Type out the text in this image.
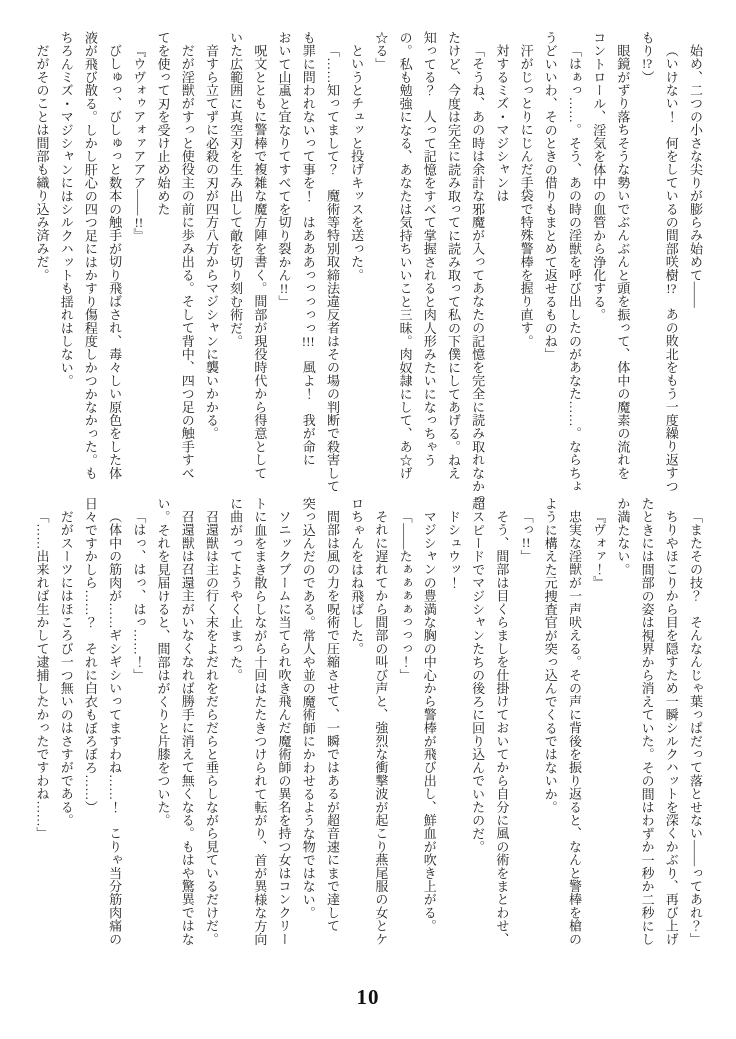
始め、二つの小さな尖りが膨らみ始めて――

（いけない！　何をしているの間部咲樹!?　あの敗北をもう一度繰り返すつ

もり!?）

眼鏡がずり落ちそうな勢いでぶんぶんと頭を振って、体中の魔素の流れを

コントロール、淫気を体中の血管から浄化する。

「はぁっ……。そう、あの時の淫獣を呼び出したのがあなた……。ならちょ

うどいいわ、そのときの借りもまとめて返せるものね」

汗がじっとりにじんだ手袋で特殊警棒を握り直す。

対するミズ・マジシャンは

「そうね、あの時は余計な邪魔が入ってあなたの記憶を完全に読み取れなかっ

たけど、今度は完全に読み取ってに読み取って私の下僕にしてあげる。ねえ

知ってる？　人って記憶をすべて掌握されると肉人形みたいになっちゃう

の。私も勉強になる、あなたは気持ちいいこと三昧。肉奴隷にして、あ☆げ

☆る」

というとチュッと投げキッスを送った。

「……知ってまして？　魔術等特別取締法違反者はその場の判断で殺害して

も罪に問われないって事を！　はあああっっっっっ!!!　風よ！　我が命に

おいて山颪と宜なりてすべてを切り裂かん!!」

呪文とともに警棒で複雑な魔方陣を書く。間部が現役時代から得意として

いた広範囲に真空刃を生み出して敵を切り刻む術だ。

音すら立てずに必殺の刃が四方八方からマジシャンに襲いかかる。

だが淫獣がすっと使役主の前に歩み出る。そして背中、四つ足の触手すべ

てを使って刃を受け止め始めた

『ウヴォゥアォァアアア――!!』

びしゅっ、びしゅっと数本の触手が切り飛ばされ、毒々しい原色をした体

液が飛び散る。しかし肝心の四つ足にはかすり傷程度しかつかなかった。も

ちろんミズ・マジシャンにはシルクハットも揺れはしない。

だがそのことは間部も織り込み済みだ。

「またその技？　そんなんじゃ葉っぱだって落とせない――ってあれ？」

ちりやほこりから目を隠すため一瞬シルクハットを深くかぶり、再び上げ

たときには間部の姿は視界から消えていた。その間はわずか一秒か二秒にし

か満たない。

『ヴォァ！』

忠実な淫獣が一声吠える。その声に背後を振り返ると、なんと警棒を槍の

ように構えた元捜査官が突っ込んでくるではないか。

「っ!!」

そう、間部は目くらましを仕掛けておいてから自分に風の術をまとわせ、

超スピードでマジシャンたちの後ろに回り込んでいたのだ。

ドシュウッ！

マジシャンの豊満な胸の中心から警棒が飛び出し、鮮血が吹き上がる。

「――たぁぁぁぁっっっ！」

それに遅れてから間部の叫び声と、強烈な衝撃波が起こり燕尾服の女とケ

ロちゃんをはね飛ばした。

間部は風の力を呪術で圧縮させて、一瞬ではあるが超音速にまで達して

突っ込んだのである。常人や並の魔術師にかわせるような物ではない。

ソニックブームに当てられ吹き飛んだ魔術師の異名を持つ女はコンクリー

トに血をまき散らしながら十回はたたきつけられて転がり、首が異様な方向

に曲がってようやく止まった。

召還獣は主の行く末をよだれをだらだらと垂らしながら見ているだけだ。

召還獣は召還主がいなくなれば勝手に消えて無くなる。もはや驚異ではな

い。それを見届けると、間部はがくりと片膝をついた。

「はっ、はっ、はっ……！」

（体中の筋肉が……ギシギシいってますわね……！　こりゃ当分筋肉痛の

日々ですかしら……？　それに白衣もぼろぼろ……）

だがスーツにはほころび一つ無いのはさすがである。

「……出来れば生かして逮捕したかったですわね……」

10
